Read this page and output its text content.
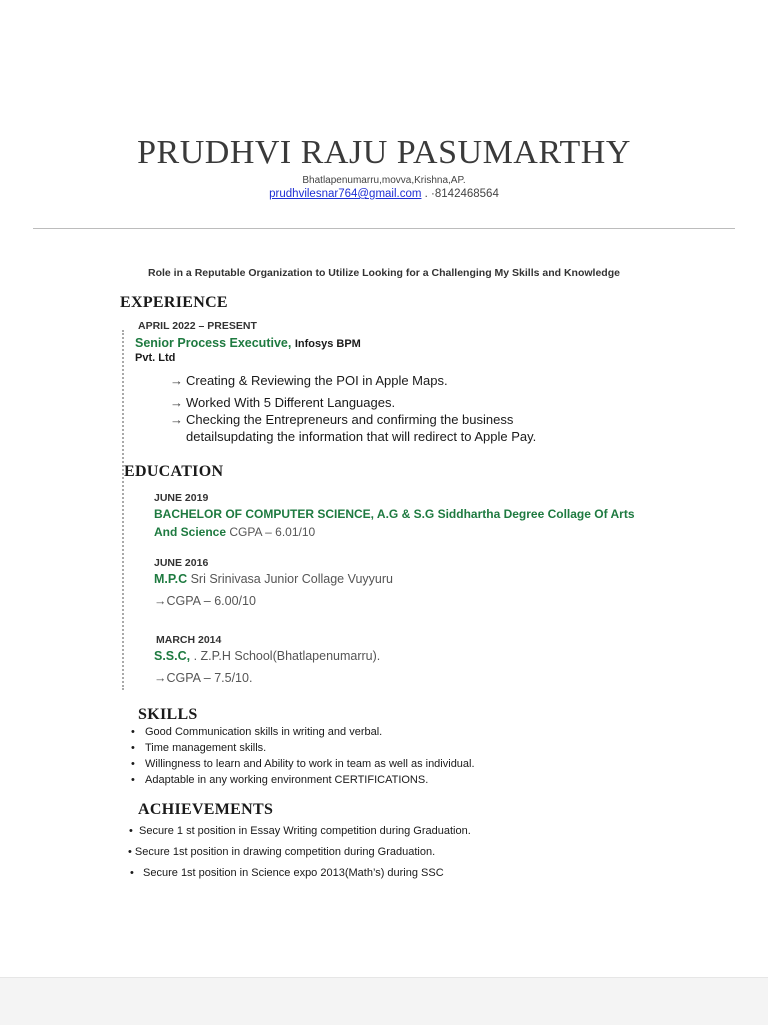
PRUDHVI RAJU PASUMARTHY
Bhatlapenumarru,movva,Krishna,AP.
prudhvilesnar764@gmail.com . ·8142468564
Role in a Reputable Organization to Utilize Looking for a Challenging My Skills and Knowledge
EXPERIENCE
APRIL 2022 – PRESENT
Senior Process Executive, Infosys BPM
Pvt. Ltd
→ Creating & Reviewing the POI in Apple Maps.
→ Worked With 5 Different Languages.
→ Checking the Entrepreneurs and confirming the business
detailsupdating the information that will redirect to Apple Pay.
EDUCATION
JUNE 2019
BACHELOR OF COMPUTER SCIENCE, A.G & S.G Siddhartha Degree Collage Of Arts
And Science CGPA – 6.01/10
JUNE 2016
M.P.C Sri Srinivasa Junior Collage Vuyyuru
→CGPA – 6.00/10
MARCH 2014
S.S.C, . Z.P.H School(Bhatlapenumarru).
→CGPA – 7.5/10.
SKILLS
• Good Communication skills in writing and verbal.
• Time management skills.
• Willingness to learn and Ability to work in team as well as individual.
• Adaptable in any working environment CERTIFICATIONS.
ACHIEVEMENTS
• Secure 1 st position in Essay Writing competition during Graduation.
• Secure 1st position in drawing competition during Graduation.
• Secure 1st position in Science expo 2013(Math’s) during SSC
